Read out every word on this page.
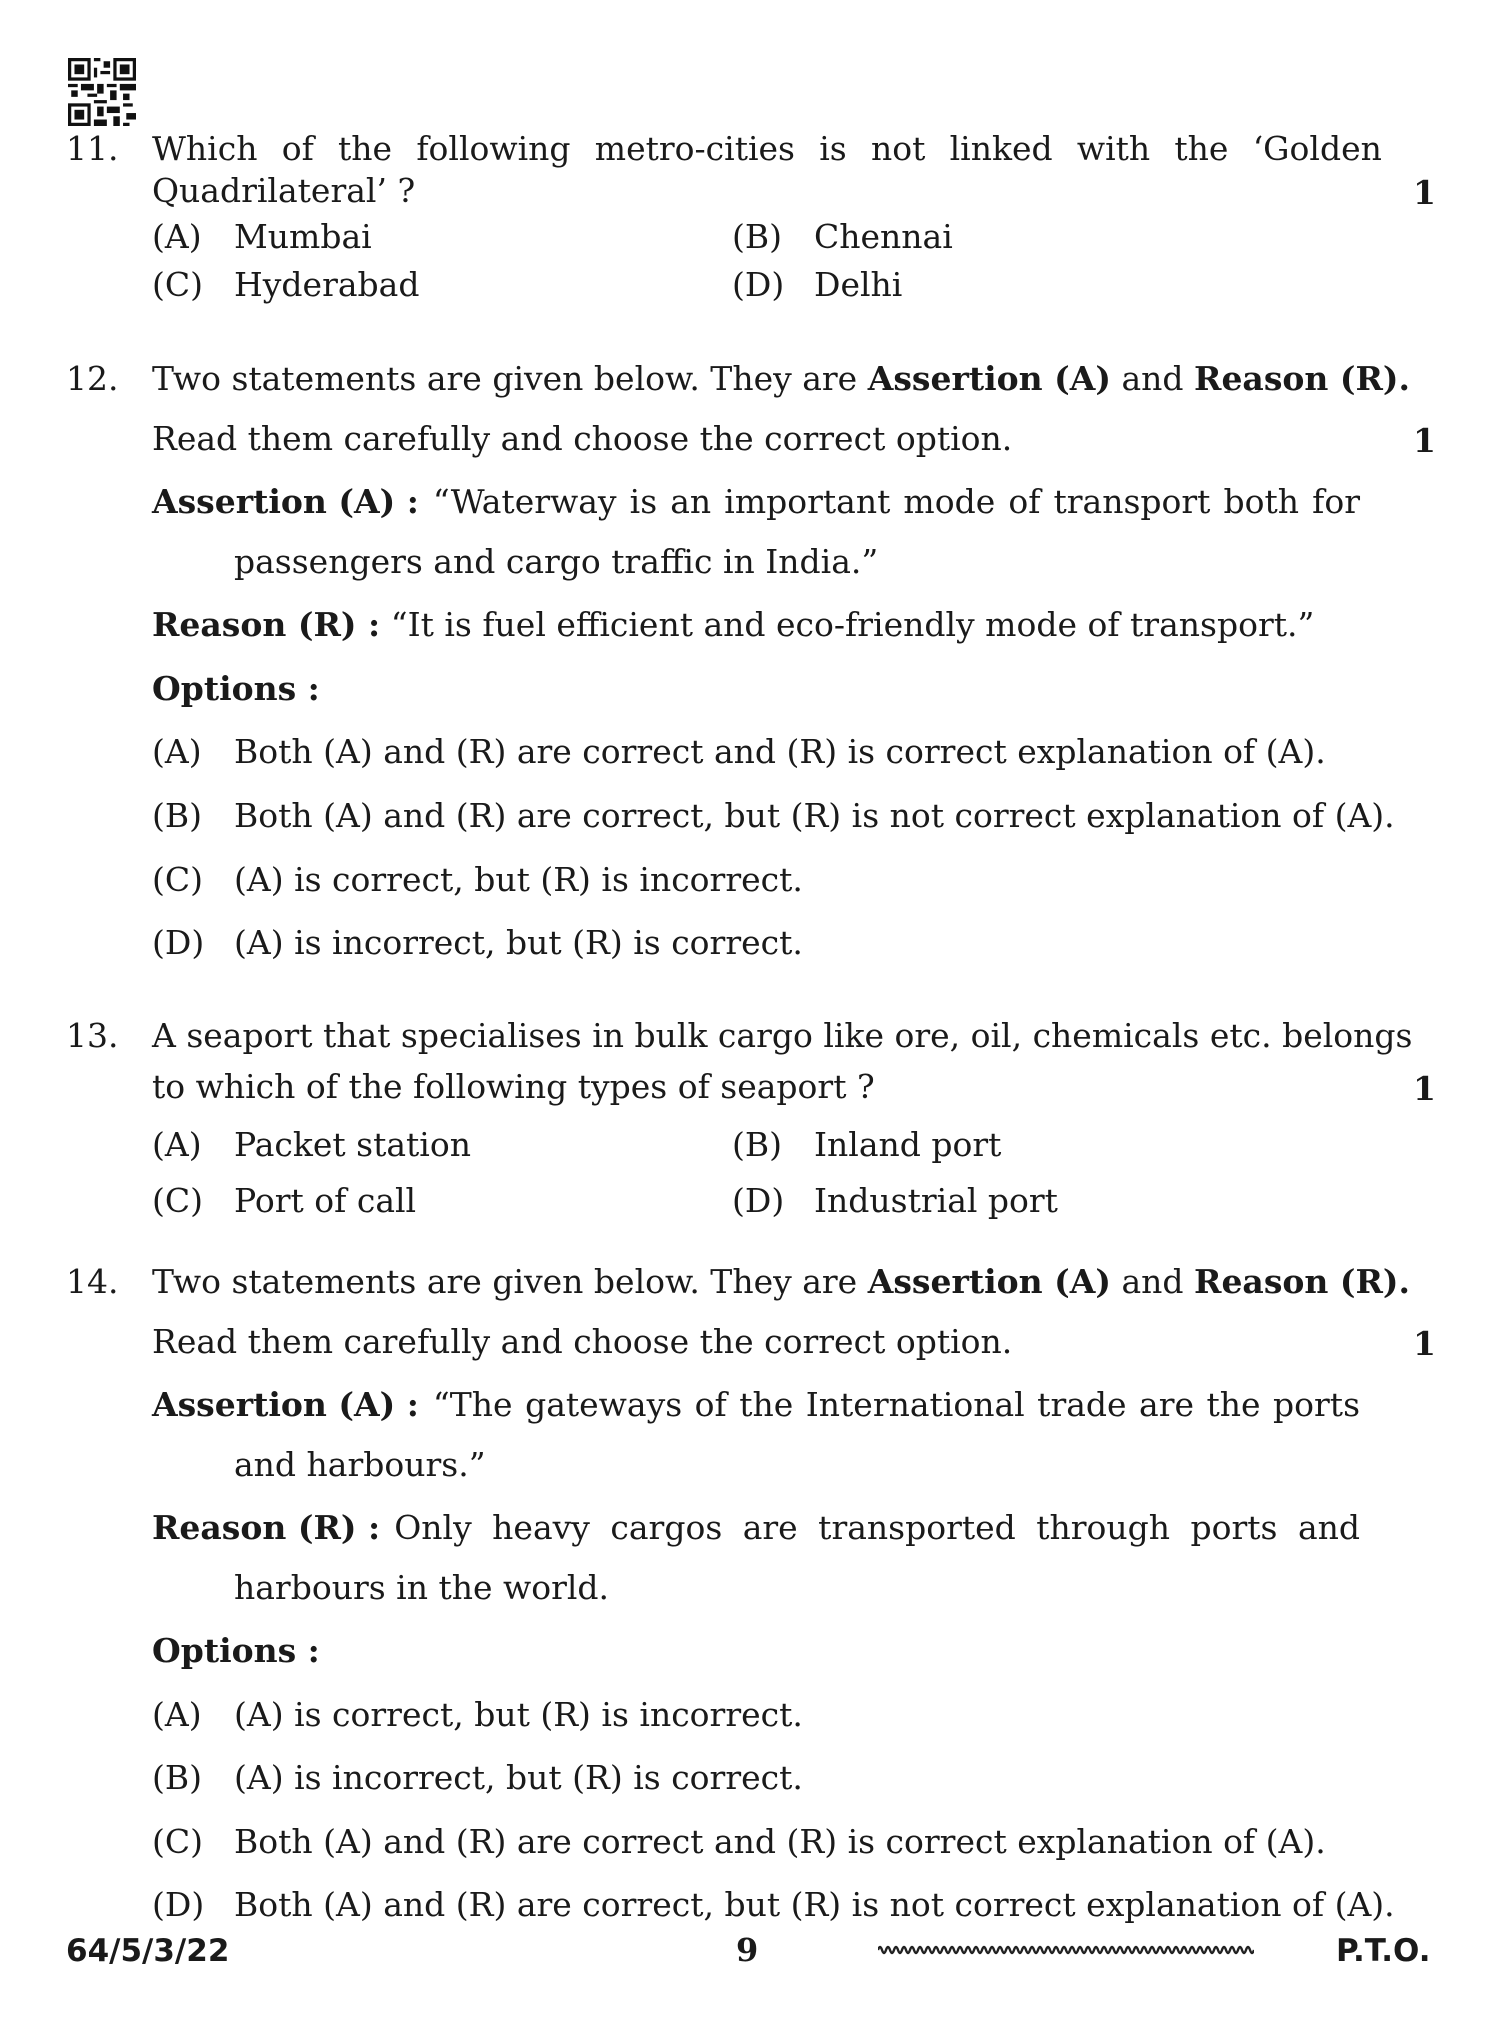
11. Which of the following metro-cities is not linked with the ‘Golden
Quadrilateral’ ?	1
(A) Mumbai	(B) Chennai
(C) Hyderabad	(D) Delhi
12. Two statements are given below. They are Assertion (A) and Reason (R).
Read them carefully and choose the correct option.	1
Assertion (A) : “Waterway is an important mode of transport both for
passengers and cargo traffic in India.”
Reason (R) : “It is fuel efficient and eco-friendly mode of transport.”
Options :
(A) Both (A) and (R) are correct and (R) is correct explanation of (A).
(B) Both (A) and (R) are correct, but (R) is not correct explanation of (A).
(C) (A) is correct, but (R) is incorrect.
(D) (A) is incorrect, but (R) is correct.
13. A seaport that specialises in bulk cargo like ore, oil, chemicals etc. belongs
to which of the following types of seaport ?	1
(A) Packet station	(B) Inland port
(C) Port of call	(D) Industrial port
14. Two statements are given below. They are Assertion (A) and Reason (R).
Read them carefully and choose the correct option.	1
Assertion (A) : “The gateways of the International trade are the ports
and harbours.”
Reason (R) : Only heavy cargos are transported through ports and
harbours in the world.
Options :
(A) (A) is correct, but (R) is incorrect.
(B) (A) is incorrect, but (R) is correct.
(C) Both (A) and (R) are correct and (R) is correct explanation of (A).
(D) Both (A) and (R) are correct, but (R) is not correct explanation of (A).
64/5/3/22	9	P.T.O.
